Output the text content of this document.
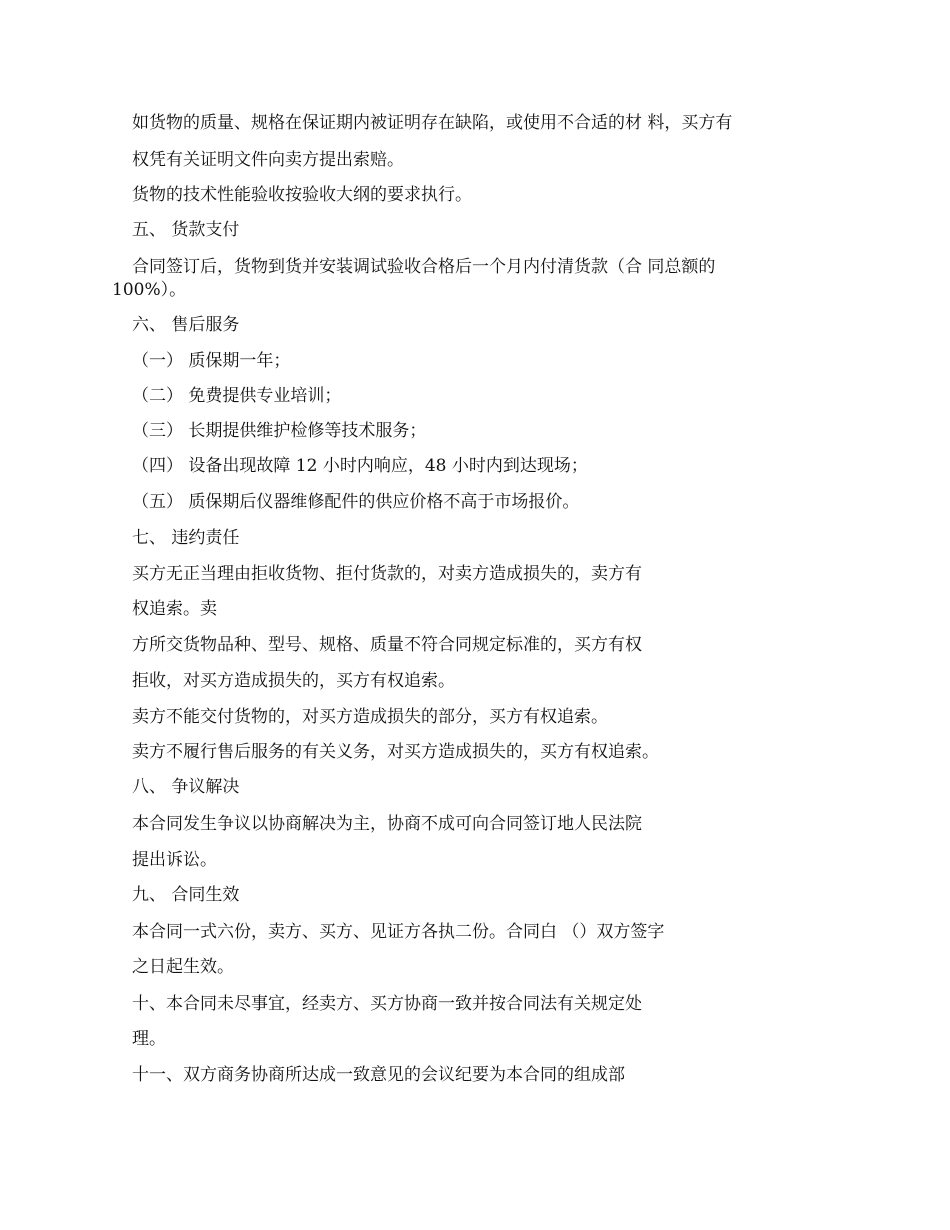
如货物的质量、规格在保证期内被证明存在缺陷，或使用不合适的材 料，买方有
权凭有关证明文件向卖方提出索赔。
货物的技术性能验收按验收大纲的要求执行。
五、 货款支付
合同签订后，货物到货并安装调试验收合格后一个月内付清货款（合 同总额的
100%）。
六、 售后服务
（一） 质保期一年；
（二） 免费提供专业培训；
（三） 长期提供维护检修等技术服务；
（四） 设备出现故障 12 小时内响应，48 小时内到达现场；
（五） 质保期后仪器维修配件的供应价格不高于市场报价。
七、 违约责任
买方无正当理由拒收货物、拒付货款的，对卖方造成损失的，卖方有
权追索。卖
方所交货物品种、型号、规格、质量不符合同规定标准的，买方有权
拒收，对买方造成损失的，买方有权追索。
卖方不能交付货物的，对买方造成损失的部分，买方有权追索。
卖方不履行售后服务的有关义务，对买方造成损失的，买方有权追索。
八、 争议解决
本合同发生争议以协商解决为主，协商不成可向合同签订地人民法院
提出诉讼。
九、 合同生效
本合同一式六份，卖方、买方、见证方各执二份。合同白 （）双方签字
之日起生效。
十、本合同未尽事宜，经卖方、买方协商一致并按合同法有关规定处
理。
十一、双方商务协商所达成一致意见的会议纪要为本合同的组成部
